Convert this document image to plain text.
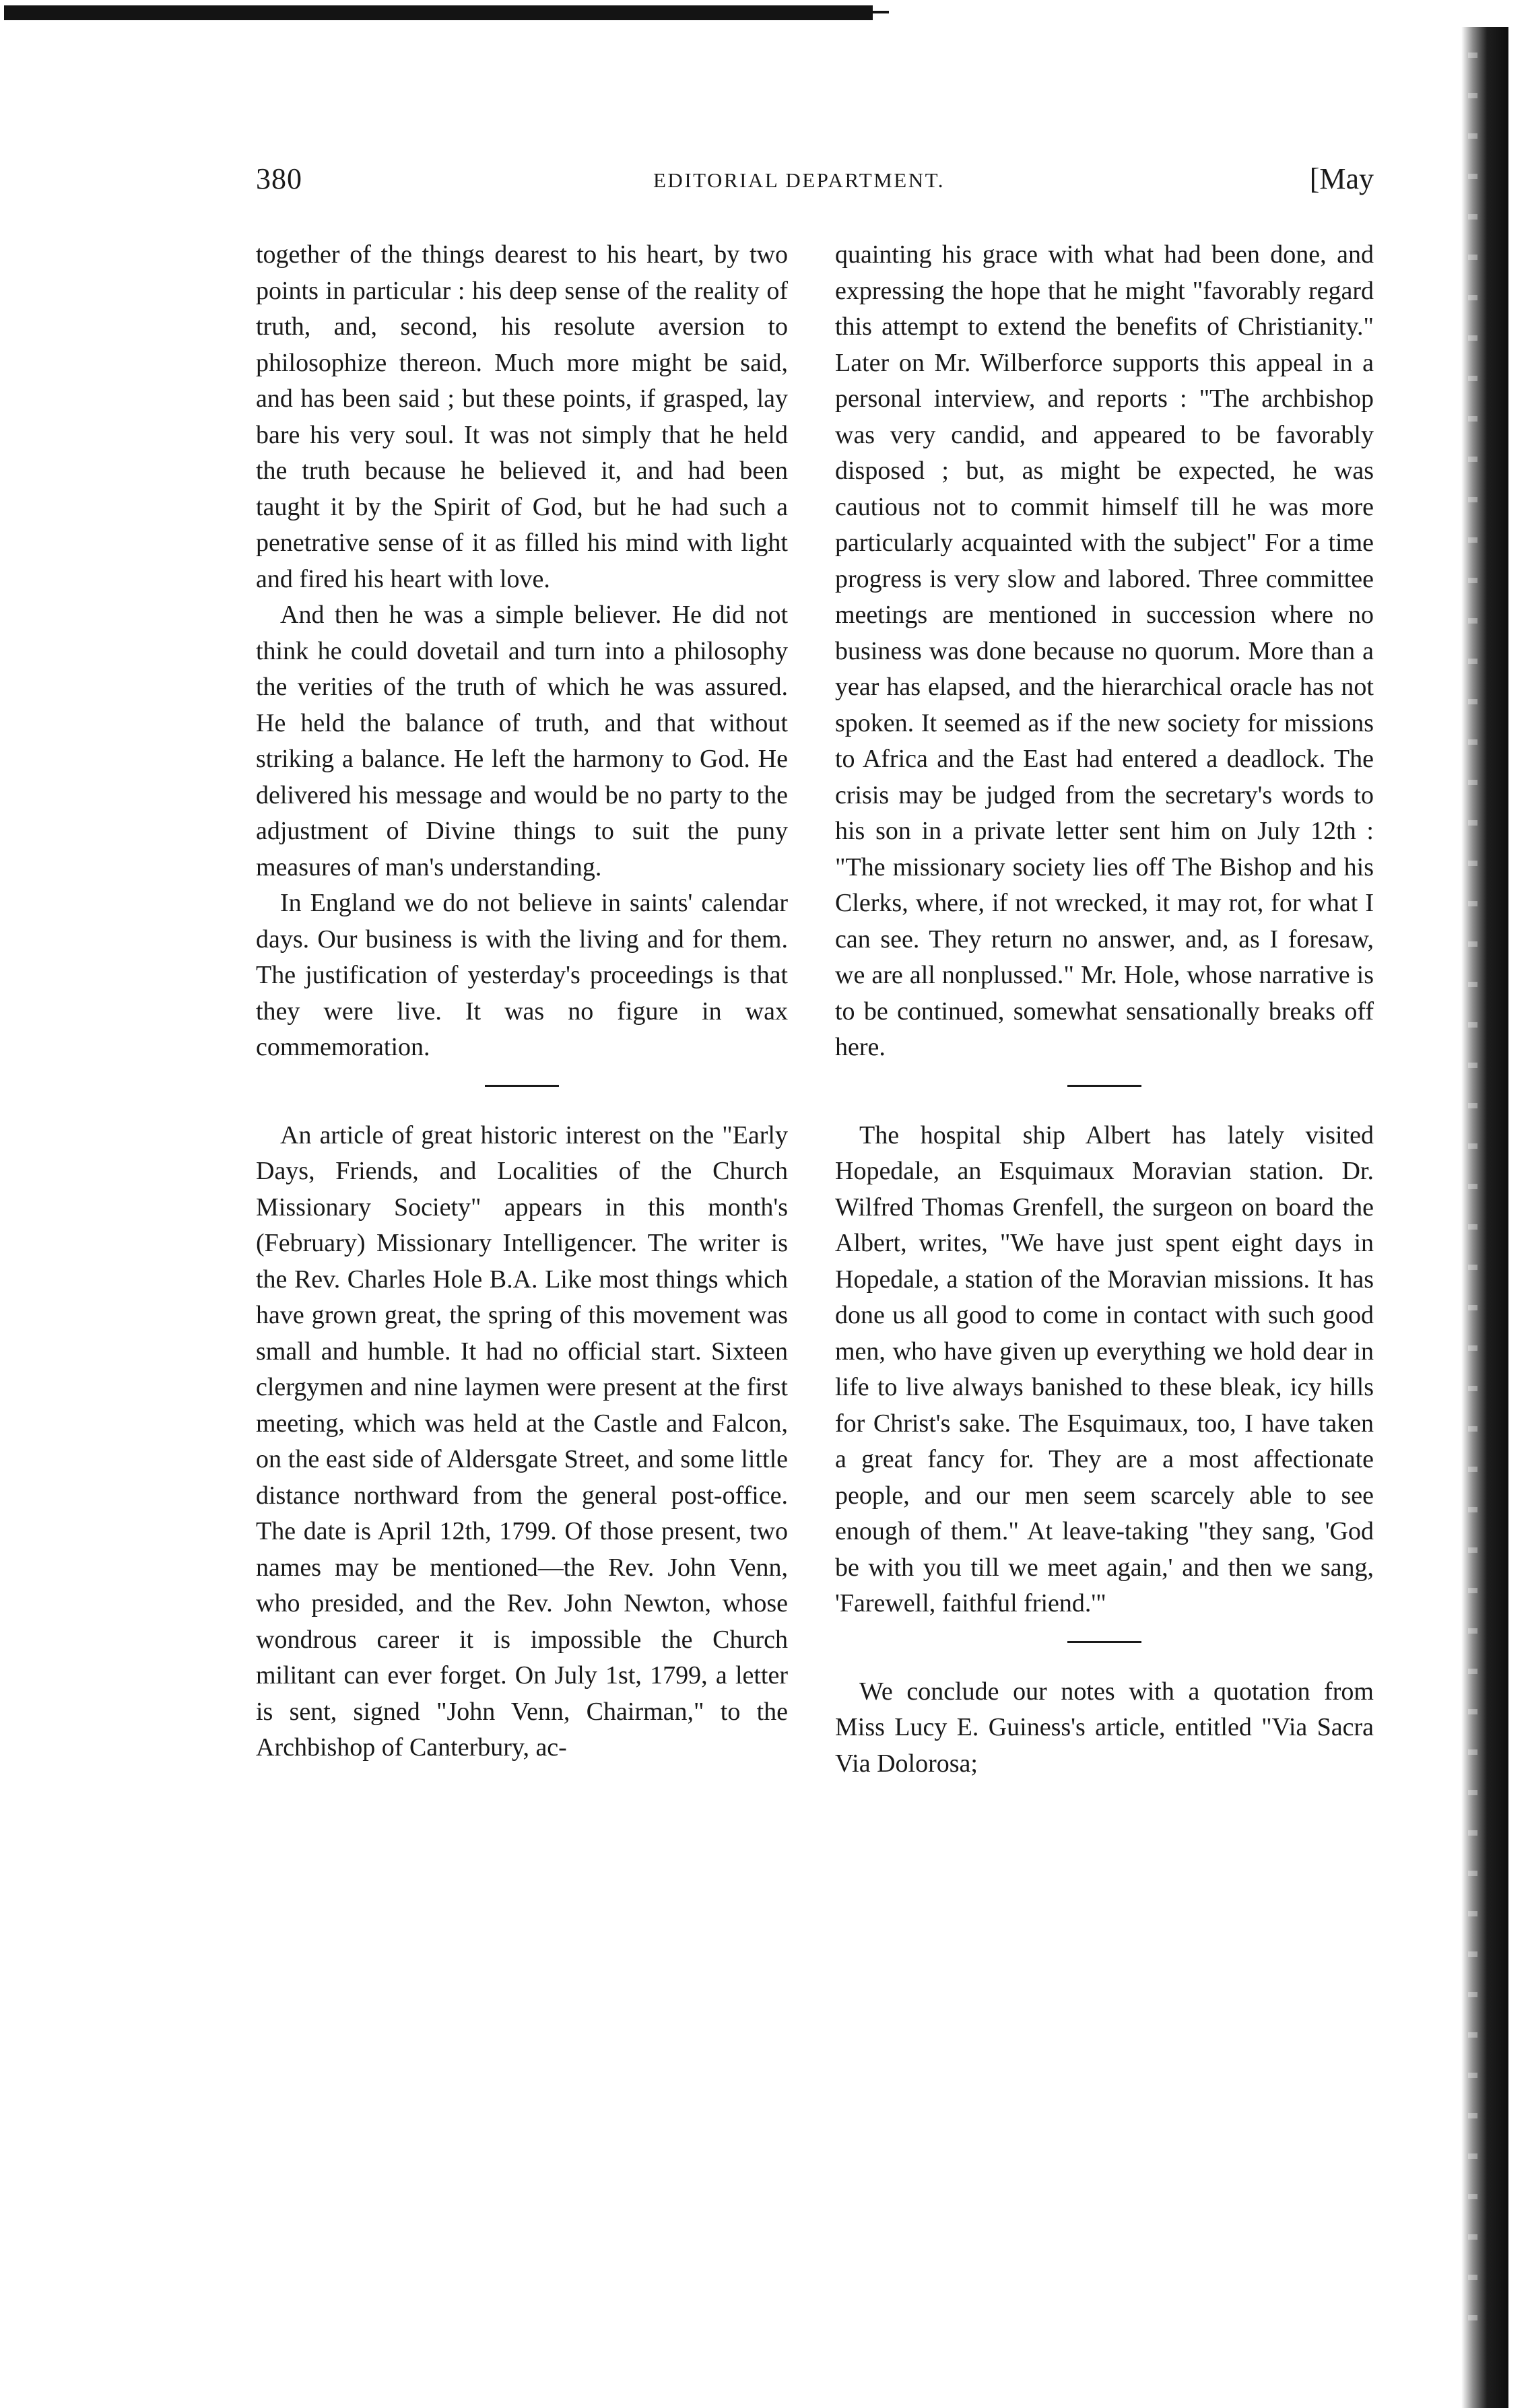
380	EDITORIAL DEPARTMENT.	[May

together of the things dearest to his heart, by two points in particular : his deep sense of the reality of truth, and, second, his resolute aversion to philosophize thereon. Much more might be said, and has been said ; but these points, if grasped, lay bare his very soul. It was not simply that he held the truth because he believed it, and had been taught it by the Spirit of God, but he had such a penetrative sense of it as filled his mind with light and fired his heart with love.

And then he was a simple believer. He did not think he could dovetail and turn into a philosophy the verities of the truth of which he was assured. He held the balance of truth, and that without striking a balance. He left the harmony to God. He delivered his message and would be no party to the adjustment of Divine things to suit the puny measures of man's understanding.

In England we do not believe in saints' calendar days. Our business is with the living and for them. The justification of yesterday's proceedings is that they were live. It was no figure in wax commemoration.

An article of great historic interest on the "Early Days, Friends, and Localities of the Church Missionary Society" appears in this month's (February) Missionary Intelligencer. The writer is the Rev. Charles Hole B.A. Like most things which have grown great, the spring of this movement was small and humble. It had no official start. Sixteen clergymen and nine laymen were present at the first meeting, which was held at the Castle and Falcon, on the east side of Aldersgate Street, and some little distance northward from the general post-office. The date is April 12th, 1799. Of those present, two names may be mentioned—the Rev. John Venn, who presided, and the Rev. John Newton, whose wondrous career it is impossible the Church militant can ever forget. On July 1st, 1799, a letter is sent, signed "John Venn, Chairman," to the Archbishop of Canterbury, ac-

quainting his grace with what had been done, and expressing the hope that he might "favorably regard this attempt to extend the benefits of Christianity." Later on Mr. Wilberforce supports this appeal in a personal interview, and reports : "The archbishop was very candid, and appeared to be favorably disposed ; but, as might be expected, he was cautious not to commit himself till he was more particularly acquainted with the subject" For a time progress is very slow and labored. Three committee meetings are mentioned in succession where no business was done because no quorum. More than a year has elapsed, and the hierarchical oracle has not spoken. It seemed as if the new society for missions to Africa and the East had entered a deadlock. The crisis may be judged from the secretary's words to his son in a private letter sent him on July 12th : "The missionary society lies off The Bishop and his Clerks, where, if not wrecked, it may rot, for what I can see. They return no answer, and, as I foresaw, we are all nonplussed." Mr. Hole, whose narrative is to be continued, somewhat sensationally breaks off here.

The hospital ship Albert has lately visited Hopedale, an Esquimaux Moravian station. Dr. Wilfred Thomas Grenfell, the surgeon on board the Albert, writes, "We have just spent eight days in Hopedale, a station of the Moravian missions. It has done us all good to come in contact with such good men, who have given up everything we hold dear in life to live always banished to these bleak, icy hills for Christ's sake. The Esquimaux, too, I have taken a great fancy for. They are a most affectionate people, and our men seem scarcely able to see enough of them." At leave-taking "they sang, 'God be with you till we meet again,' and then we sang, 'Farewell, faithful friend.'"

We conclude our notes with a quotation from Miss Lucy E. Guiness's article, entitled "Via Sacra Via Dolorosa;
